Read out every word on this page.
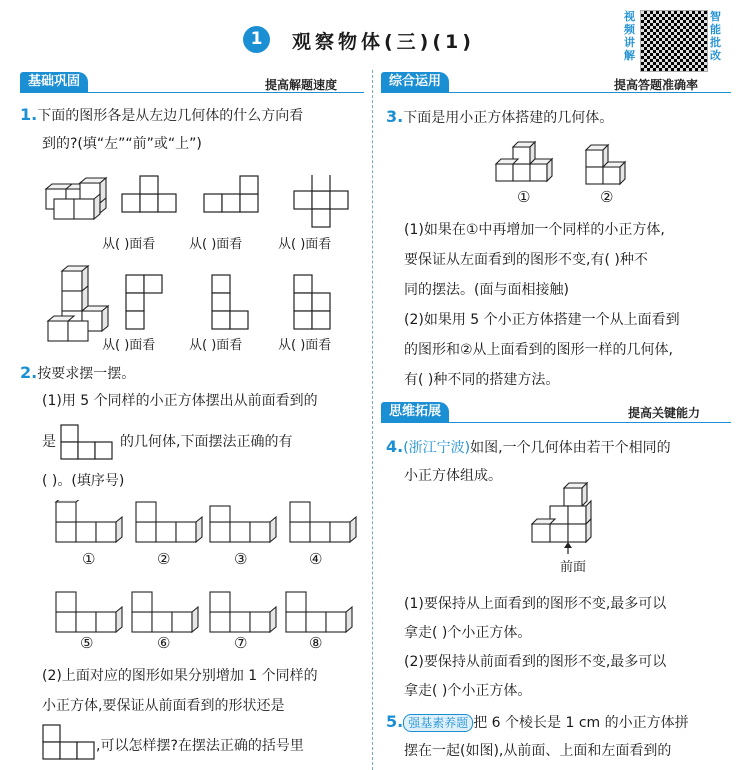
1	观察物体(三)(1)
视频讲解
智能批改
基础巩固	提高解题速度
1.下面的图形各是从左边几何体的什么方向看
到的?(填“左”“前”或“上”)
从( )面看	从( )面看	从( )面看
从( )面看	从( )面看	从( )面看
2.按要求摆一摆。
(1)用 5 个同样的小正方体摆出从前面看到的
是	的几何体,下面摆法正确的有
( )。(填序号)
①	②	③	④
⑤	⑥	⑦	⑧
(2)上面对应的图形如果分别增加 1 个同样的
小正方体,要保证从前面看到的形状还是
,可以怎样摆?在摆法正确的括号里
综合运用	提高答题准确率
3.下面是用小正方体搭建的几何体。
①	②
(1)如果在①中再增加一个同样的小正方体,
要保证从左面看到的图形不变,有( )种不
同的摆法。(面与面相接触)
(2)如果用 5 个小正方体搭建一个从上面看到
的图形和②从上面看到的图形一样的几何体,
有( )种不同的搭建方法。
思维拓展	提高关键能力
4.(浙江宁波)如图,一个几何体由若干个相同的
小正方体组成。
前面
(1)要保持从上面看到的图形不变,最多可以
拿走( )个小正方体。
(2)要保持从前面看到的图形不变,最多可以
拿走( )个小正方体。
5. 强基素养题 把 6 个棱长是 1 cm 的小正方体拼
摆在一起(如图),从前面、上面和左面看到的
